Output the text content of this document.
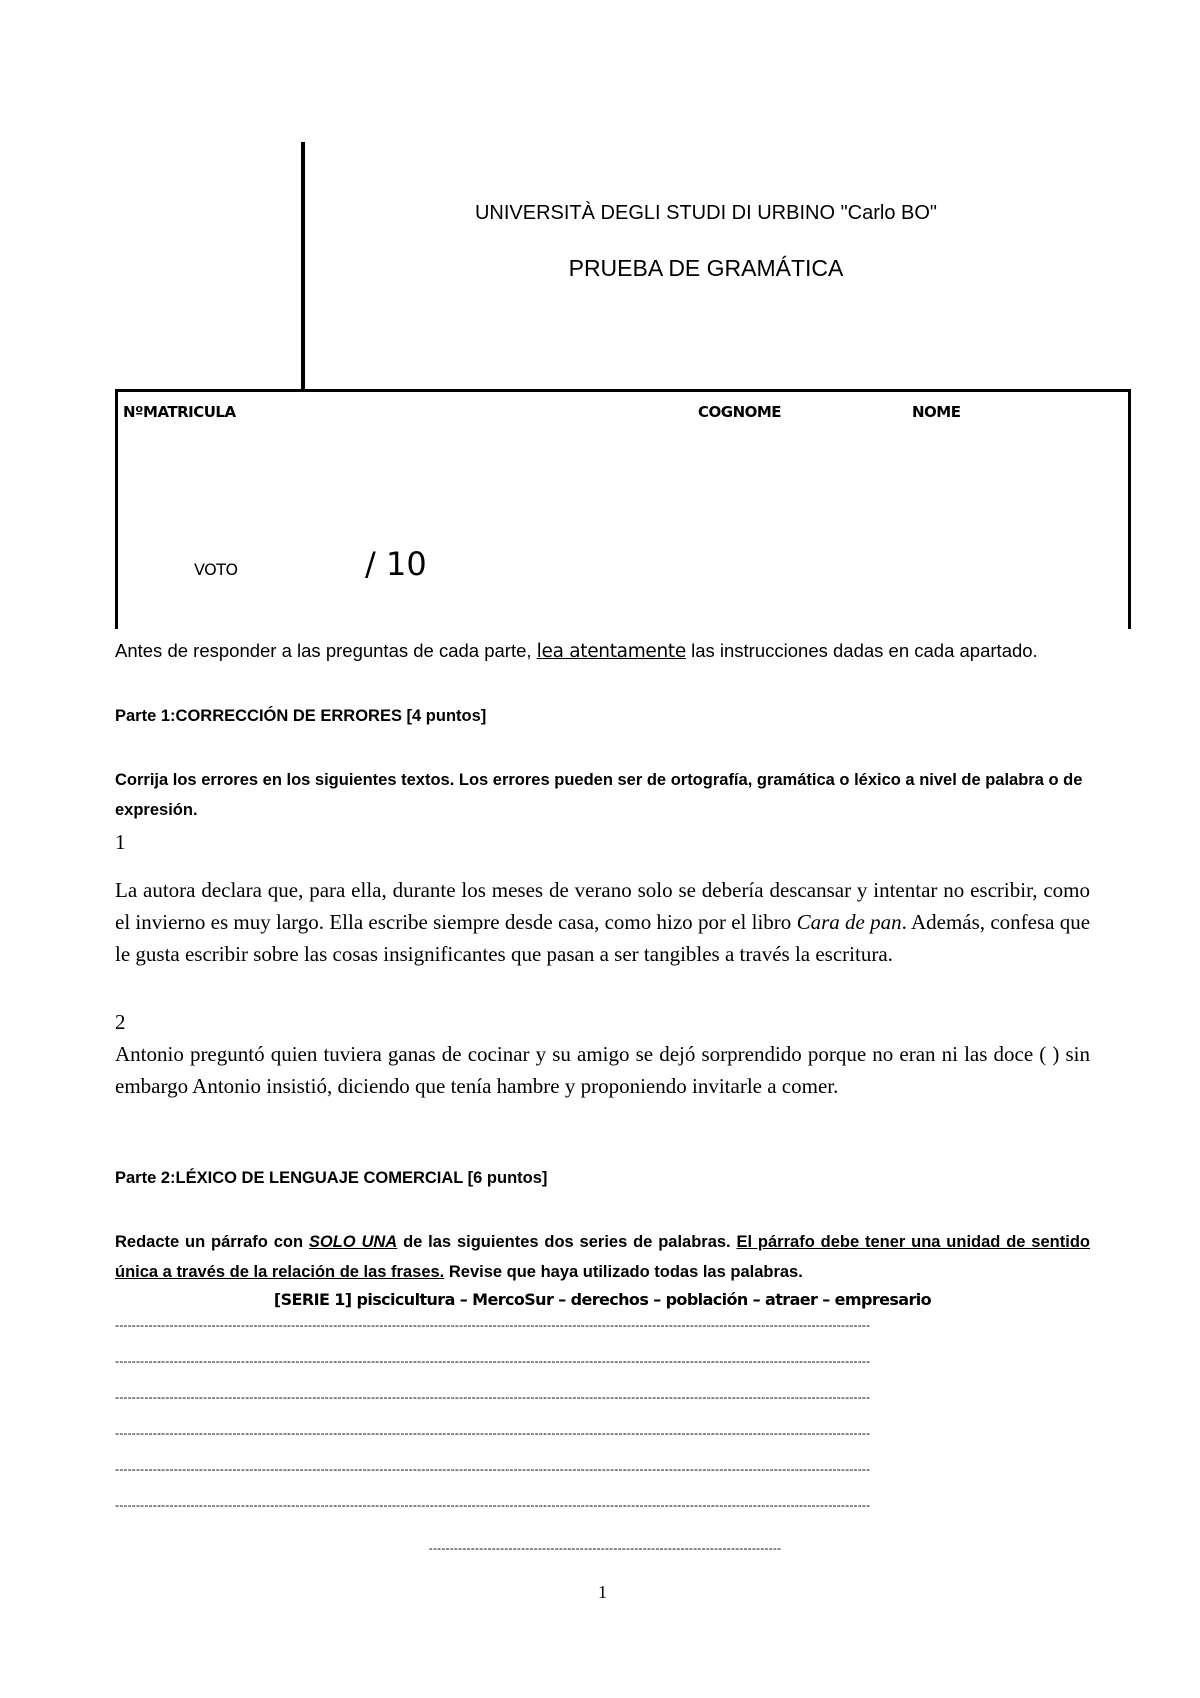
UNIVERSITÀ DEGLI STUDI DI URBINO "Carlo BO"
PRUEBA DE GRAMÁTICA
NºMATRICULA	COGNOME	NOME
VOTO	/ 10
Antes de responder a las preguntas de cada parte, lea atentamente las instrucciones dadas en cada apartado.
Parte 1:CORRECCIÓN DE ERRORES [4 puntos]
Corrija los errores en los siguientes textos. Los errores pueden ser de ortografía, gramática o léxico a nivel de palabra o de expresión.
1
La autora declara que, para ella, durante los meses de verano solo se debería descansar y intentar no escribir, como el invierno es muy largo. Ella escribe siempre desde casa, como hizo por el libro Cara de pan. Además, confesa que le gusta escribir sobre las cosas insignificantes que pasan a ser tangibles a través la escritura.
2
Antonio preguntó quien tuviera ganas de cocinar y su amigo se dejó sorprendido porque no eran ni las doce ( ) sin embargo Antonio insistió, diciendo que tenía hambre y proponiendo invitarle a comer.
Parte 2:LÉXICO DE LENGUAJE COMERCIAL [6 puntos]
Redacte un párrafo con SOLO UNA de las siguientes dos series de palabras. El párrafo debe tener una unidad de sentido única a través de la relación de las frases. Revise que haya utilizado todas las palabras.
[SERIE 1] piscicultura – MercoSur – derechos – población – atraer – empresario
------------------------------------------------------------------------------------------------------------------------------------------------------------------------------------
------------------------------------------------------------------------------------------------------------------------------------------------------------------------------------
------------------------------------------------------------------------------------------------------------------------------------------------------------------------------------
------------------------------------------------------------------------------------------------------------------------------------------------------------------------------------
------------------------------------------------------------------------------------------------------------------------------------------------------------------------------------
------------------------------------------------------------------------------------------------------------------------------------------------------------------------------------
------------------------------------------------------------------------------------
1
